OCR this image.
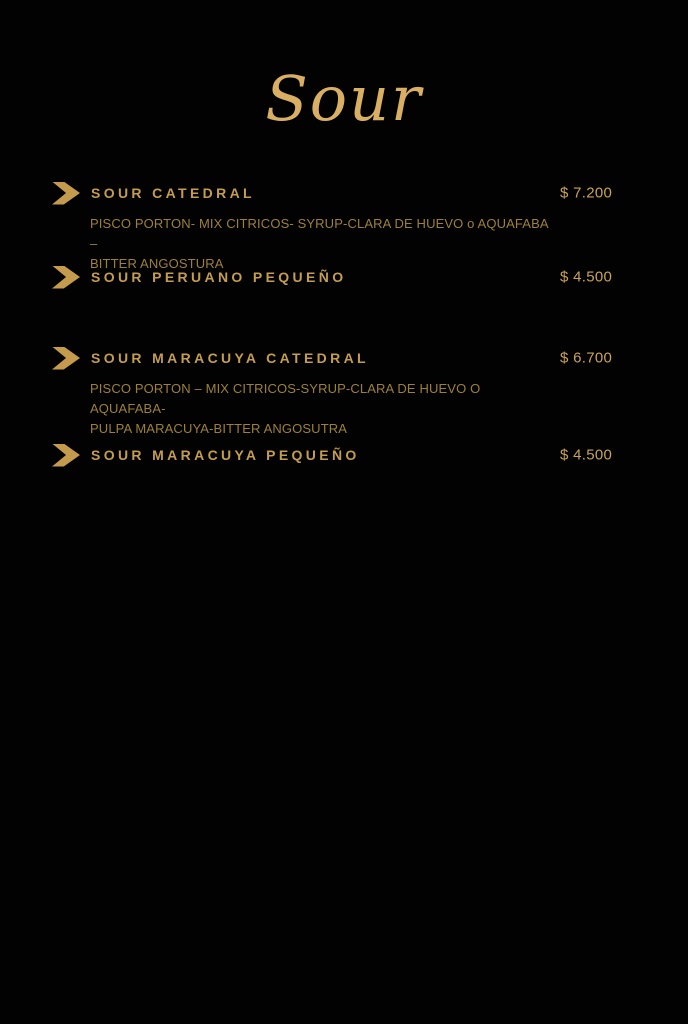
Sour
SOUR CATEDRAL	$ 7.200
PISCO PORTON- MIX CITRICOS- SYRUP-CLARA DE HUEVO o AQUAFABA –
BITTER ANGOSTURA
SOUR PERUANO PEQUEÑO	$ 4.500
SOUR MARACUYA CATEDRAL	$ 6.700
PISCO PORTON – MIX CITRICOS-SYRUP-CLARA DE HUEVO O AQUAFABA-
PULPA MARACUYA-BITTER ANGOSUTRA
SOUR MARACUYA PEQUEÑO	$ 4.500
